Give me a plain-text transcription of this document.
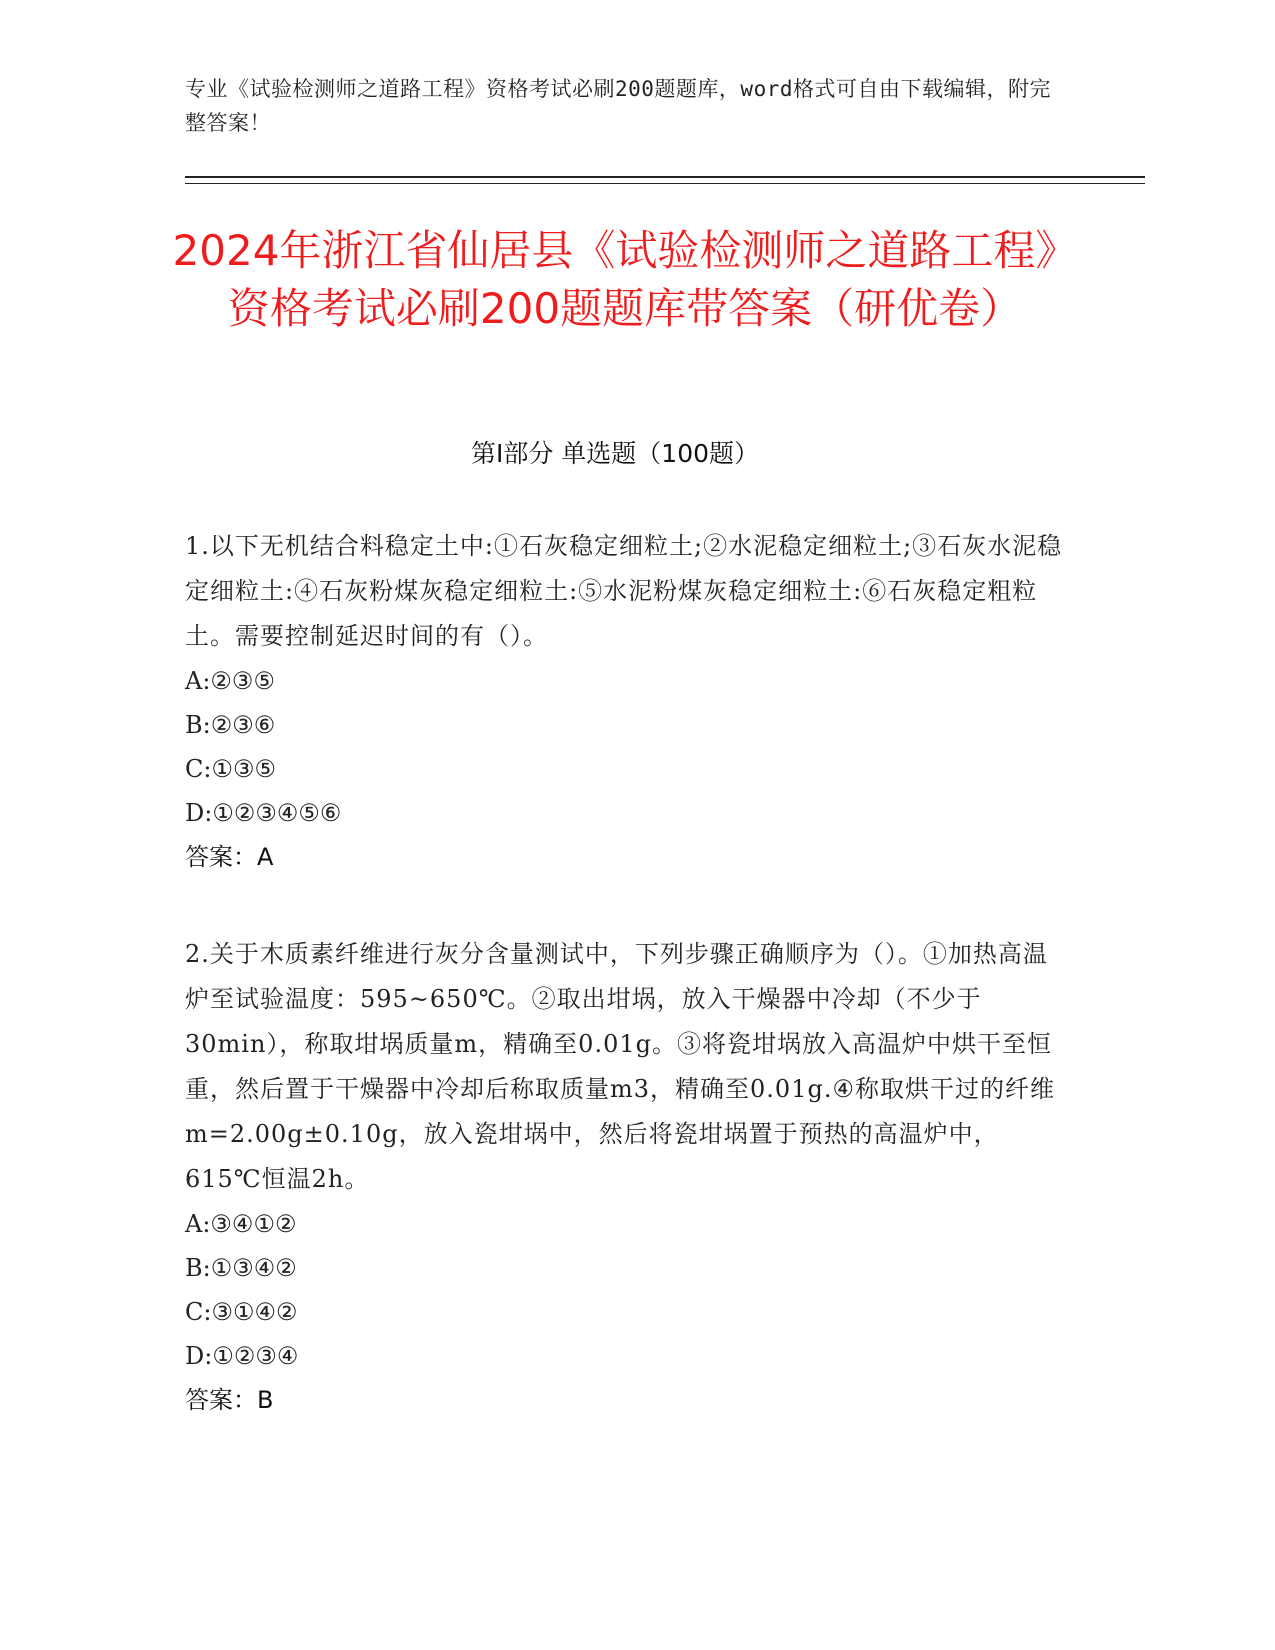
专业《试验检测师之道路工程》资格考试必刷200题题库，word格式可自由下载编辑，附完整答案！
2024年浙江省仙居县《试验检测师之道路工程》资格考试必刷200题题库带答案（研优卷）
第I部分 单选题（100题）
1.以下无机结合料稳定土中:①石灰稳定细粒土;②水泥稳定细粒土;③石灰水泥稳定细粒土:④石灰粉煤灰稳定细粒土:⑤水泥粉煤灰稳定细粒土:⑥石灰稳定粗粒土。需要控制延迟时间的有（）。
A:②③⑤
B:②③⑥
C:①③⑤
D:①②③④⑤⑥
答案：A
2.关于木质素纤维进行灰分含量测试中，下列步骤正确顺序为（）。①加热高温炉至试验温度：595~650℃。②取出坩埚，放入干燥器中冷却（不少于30min），称取坩埚质量m，精确至0.01g。③将瓷坩埚放入高温炉中烘干至恒重，然后置于干燥器中冷却后称取质量m3，精确至0.01g.④称取烘干过的纤维m=2.00g±0.10g，放入瓷坩埚中，然后将瓷坩埚置于预热的高温炉中，615℃恒温2h。
A:③④①②
B:①③④②
C:③①④②
D:①②③④
答案：B
